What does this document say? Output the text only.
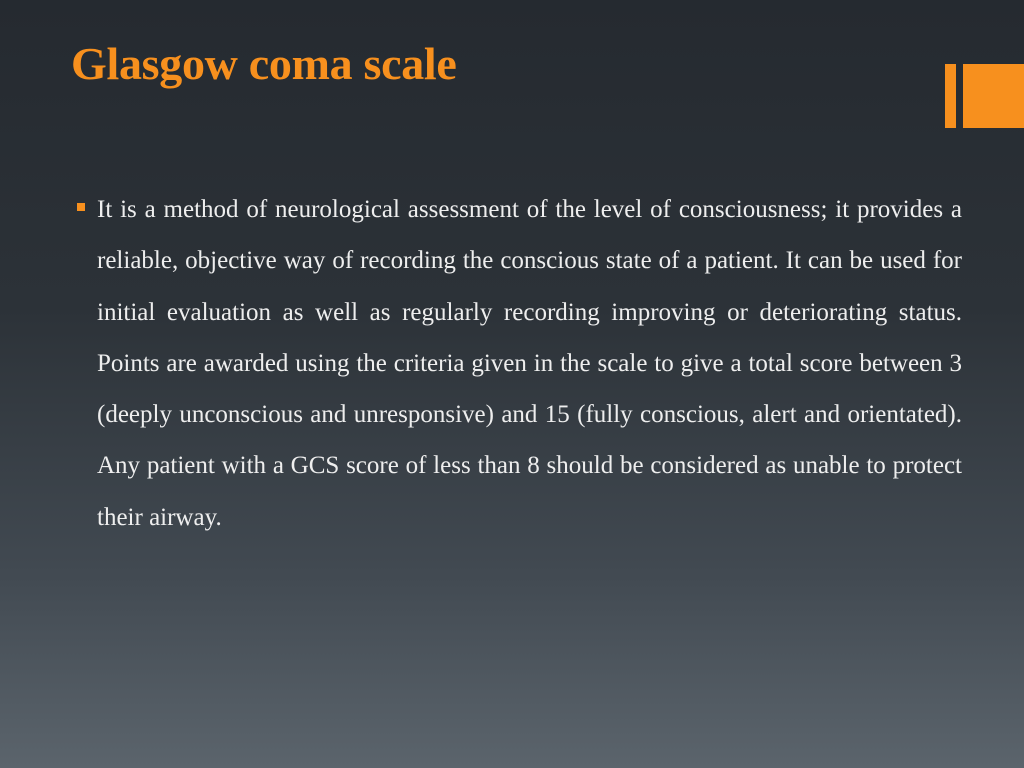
Glasgow coma scale

It is a method of neurological assessment of the level of consciousness; it provides a reliable, objective way of recording the conscious state of a patient. It can be used for initial evaluation as well as regularly recording improving or deteriorating status. Points are awarded using the criteria given in the scale to give a total score between 3 (deeply unconscious and unresponsive) and 15 (fully conscious, alert and orientated). Any patient with a GCS score of less than 8 should be considered as unable to protect their airway.
